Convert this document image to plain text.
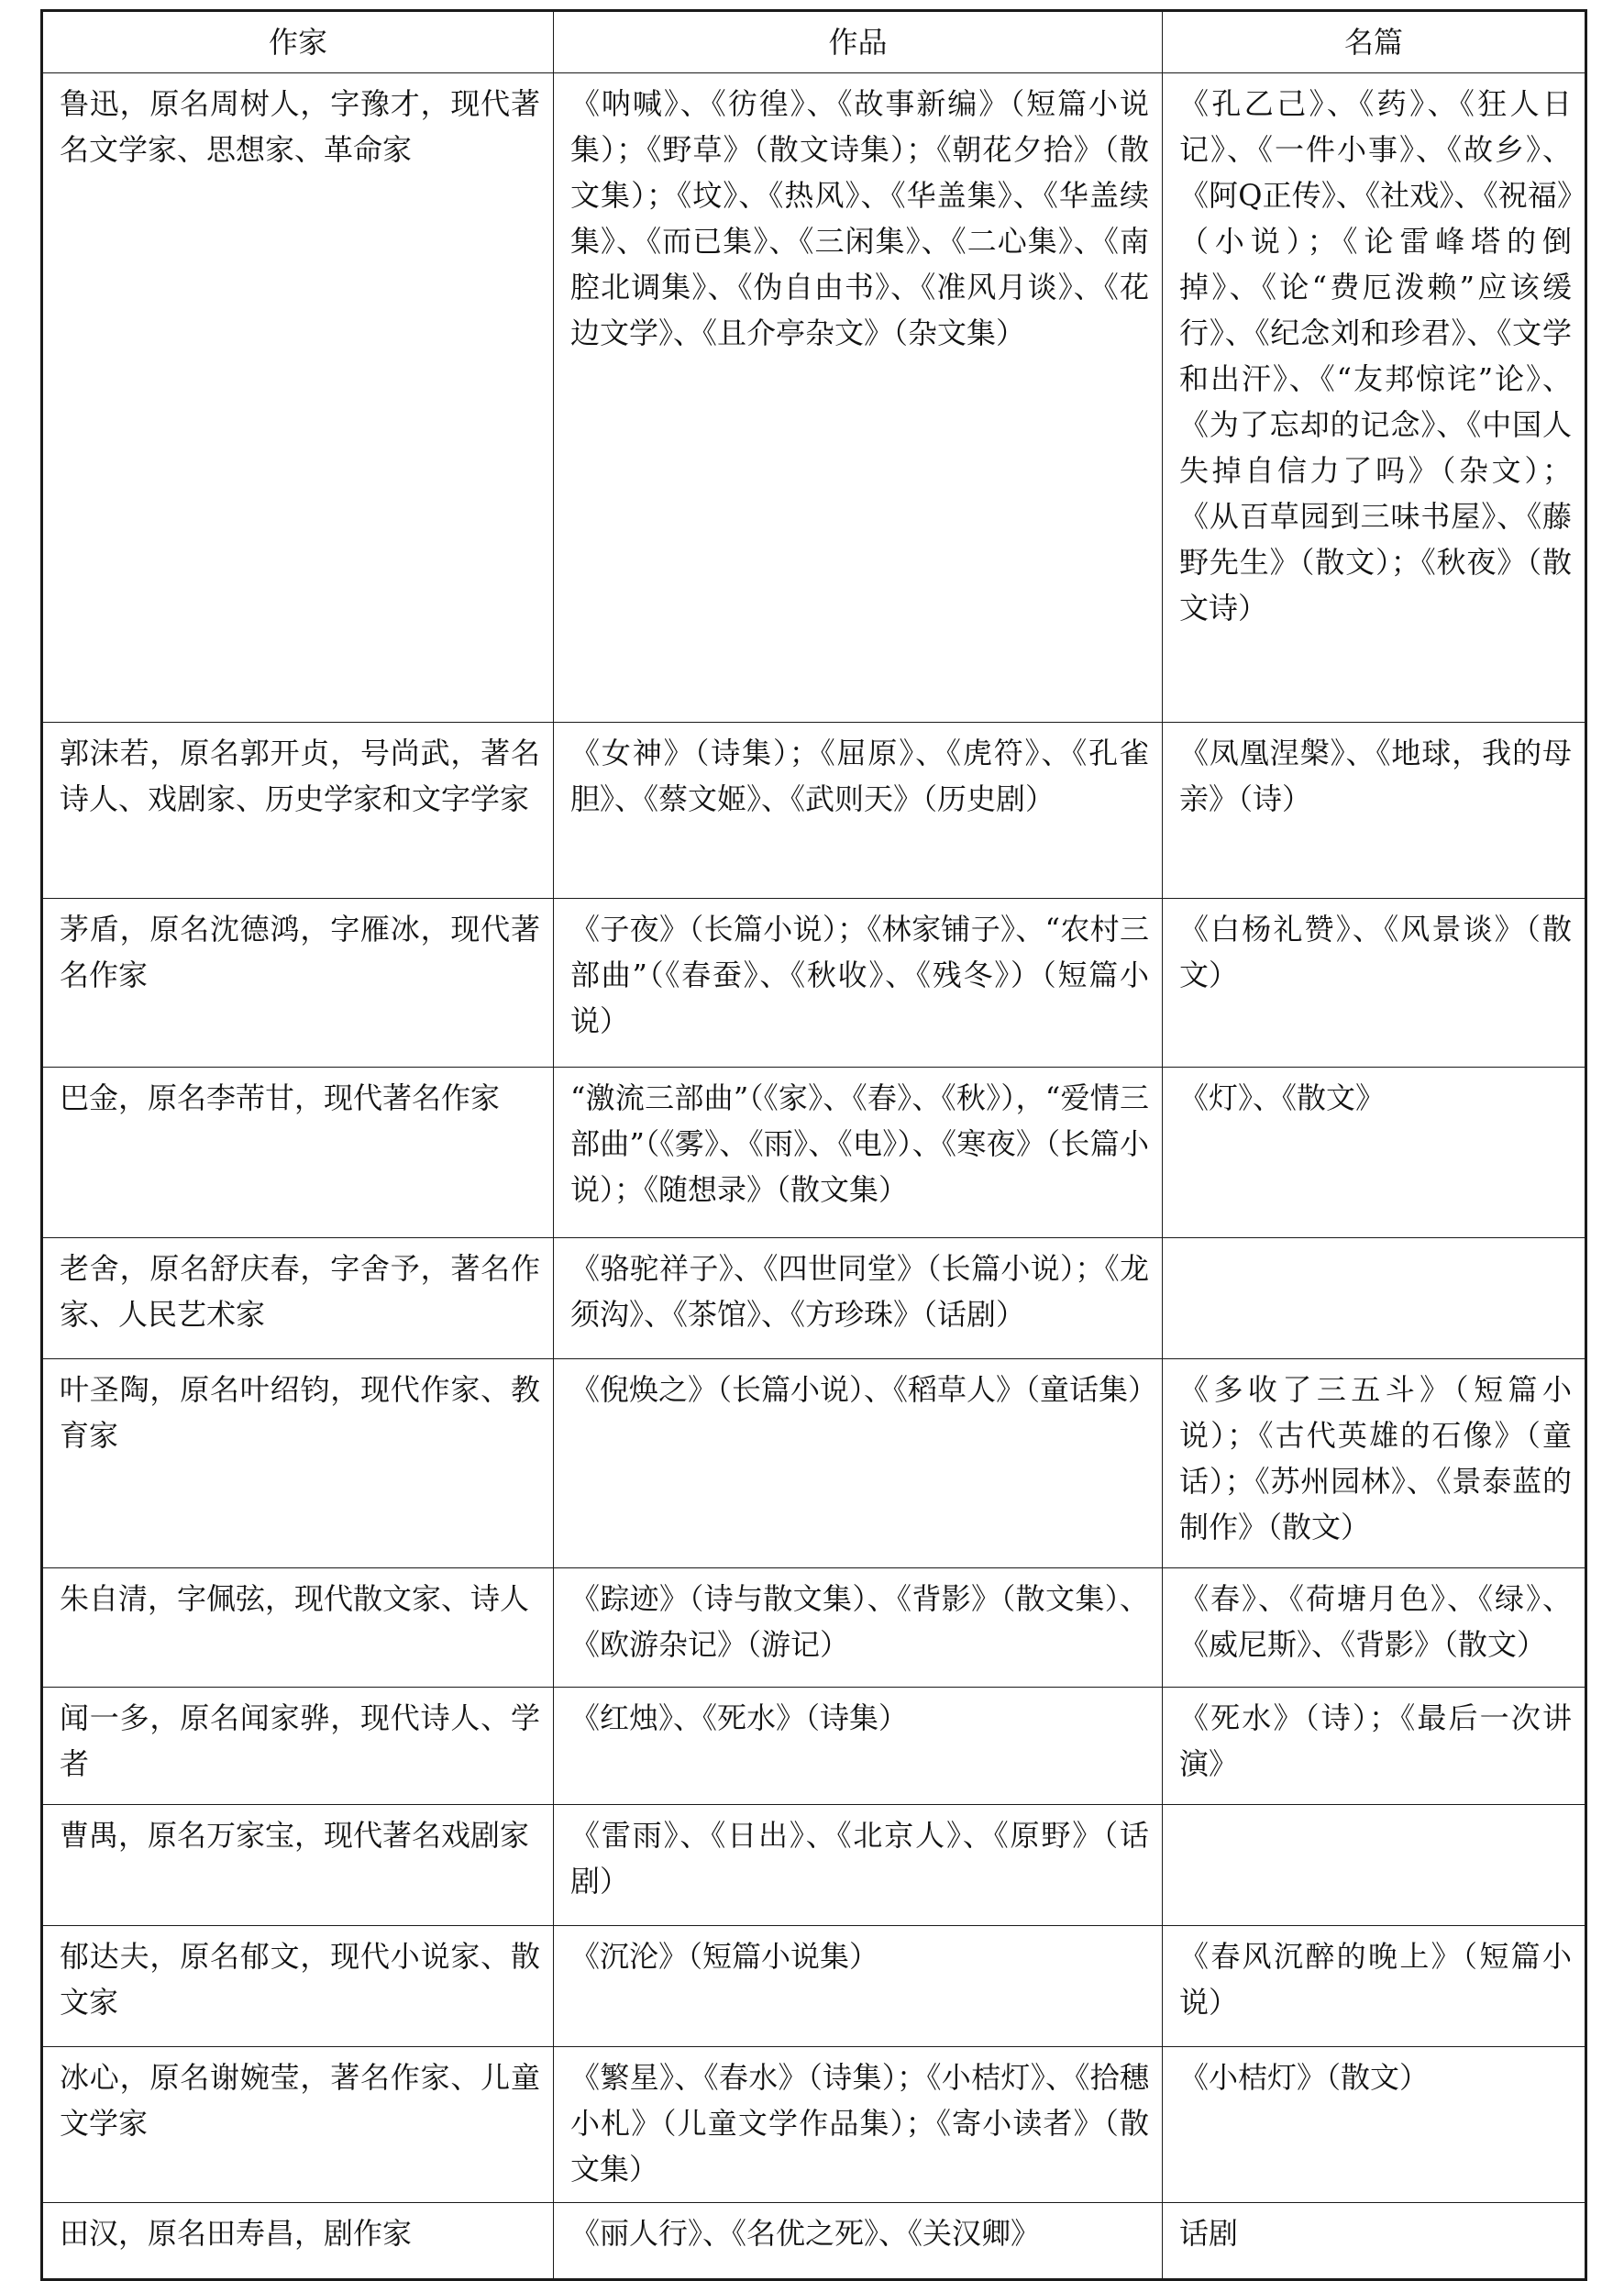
作家	作品	名篇
鲁迅，原名周树人，字豫才，现代著名文学家、思想家、革命家	《呐喊》、《彷徨》、《故事新编》（短篇小说集）；《野草》（散文诗集）；《朝花夕拾》（散文集）；《坟》、《热风》、《华盖集》、《华盖续集》、《而已集》、《三闲集》、《二心集》、《南腔北调集》、《伪自由书》、《准风月谈》、《花边文学》、《且介亭杂文》（杂文集）	《孔乙己》、《药》、《狂人日记》、《一件小事》、《故乡》、《阿Q正传》、《社戏》、《祝福》（小说）；《论雷峰塔的倒掉》、《论“费厄泼赖”应该缓行》、《纪念刘和珍君》、《文学和出汗》、《“友邦惊诧”论》、《为了忘却的记念》、《中国人失掉自信力了吗》（杂文）；《从百草园到三味书屋》、《藤野先生》（散文）；《秋夜》（散文诗）
郭沫若，原名郭开贞，号尚武，著名诗人、戏剧家、历史学家和文字学家	《女神》（诗集）；《屈原》、《虎符》、《孔雀胆》、《蔡文姬》、《武则天》（历史剧）	《凤凰涅槃》、《地球，我的母亲》（诗）
茅盾，原名沈德鸿，字雁冰，现代著名作家	《子夜》（长篇小说）；《林家铺子》、“农村三部曲”（《春蚕》、《秋收》、《残冬》）（短篇小说）	《白杨礼赞》、《风景谈》（散文）
巴金，原名李芾甘，现代著名作家	“激流三部曲”（《家》、《春》、《秋》），“爱情三部曲”（《雾》、《雨》、《电》）、《寒夜》（长篇小说）；《随想录》（散文集）	《灯》、《散文》
老舍，原名舒庆春，字舍予，著名作家、人民艺术家	《骆驼祥子》、《四世同堂》（长篇小说）；《龙须沟》、《茶馆》、《方珍珠》（话剧）	
叶圣陶，原名叶绍钧，现代作家、教育家	《倪焕之》（长篇小说）、《稻草人》（童话集）	《多收了三五斗》（短篇小说）；《古代英雄的石像》（童话）；《苏州园林》、《景泰蓝的制作》（散文）
朱自清，字佩弦，现代散文家、诗人	《踪迹》（诗与散文集）、《背影》（散文集）、《欧游杂记》（游记）	《春》、《荷塘月色》、《绿》、《威尼斯》、《背影》（散文）
闻一多，原名闻家骅，现代诗人、学者	《红烛》、《死水》（诗集）	《死水》（诗）；《最后一次讲演》
曹禺，原名万家宝，现代著名戏剧家	《雷雨》、《日出》、《北京人》、《原野》（话剧）	
郁达夫，原名郁文，现代小说家、散文家	《沉沦》（短篇小说集）	《春风沉醉的晚上》（短篇小说）
冰心，原名谢婉莹，著名作家、儿童文学家	《繁星》、《春水》（诗集）；《小桔灯》、《拾穗小札》（儿童文学作品集）；《寄小读者》（散文集）	《小桔灯》（散文）
田汉，原名田寿昌，剧作家	《丽人行》、《名优之死》、《关汉卿》	话剧
